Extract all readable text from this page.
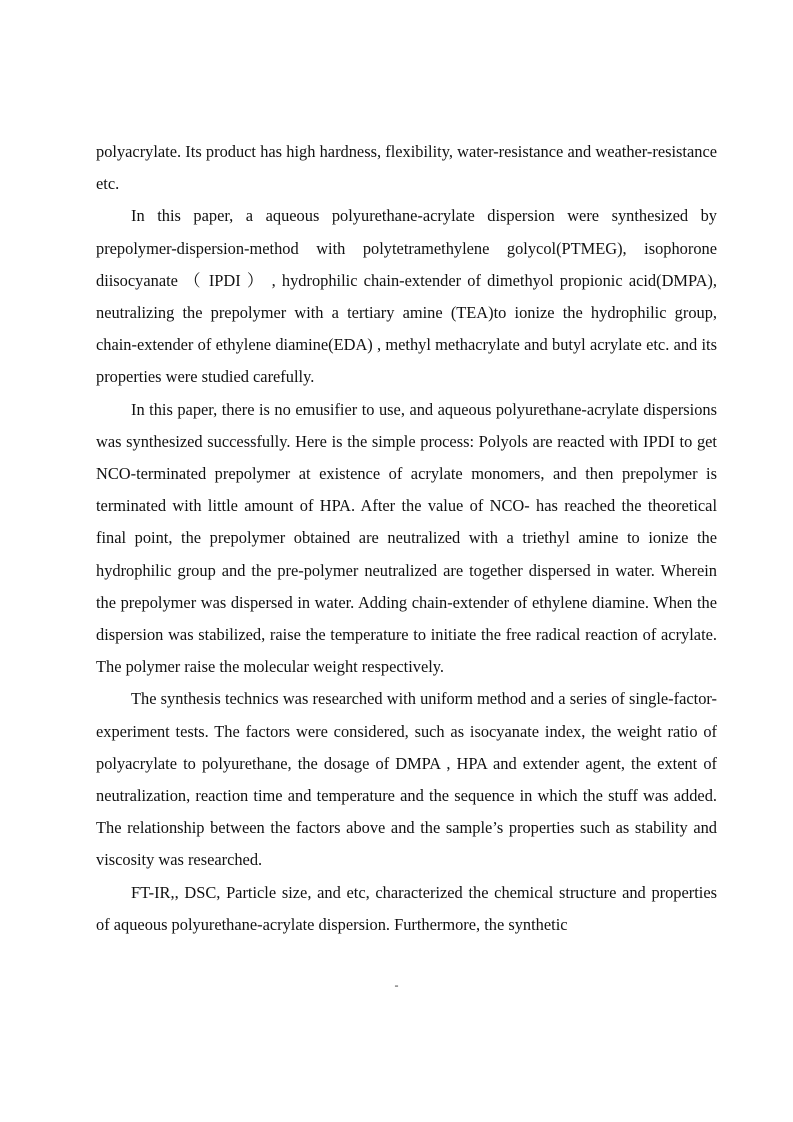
polyacrylate. Its product has high hardness, flexibility, water-resistance and weather-resistance etc.

In this paper, a aqueous polyurethane-acrylate dispersion were synthesized by prepolymer-dispersion-method with polytetramethylene golycol(PTMEG), isophorone diisocyanate （ IPDI ） , hydrophilic chain-extender of dimethyol propionic acid(DMPA), neutralizing the prepolymer with a tertiary amine (TEA)to ionize the hydrophilic group, chain-extender of ethylene diamine(EDA) , methyl methacrylate and butyl acrylate etc. and its properties were studied carefully.

In this paper, there is no emusifier to use, and aqueous polyurethane-acrylate dispersions was synthesized successfully. Here is the simple process: Polyols are reacted with IPDI to get NCO-terminated prepolymer at existence of acrylate monomers, and then prepolymer is terminated with little amount of HPA. After the value of NCO- has reached the theoretical final point, the prepolymer obtained are neutralized with a triethyl amine to ionize the hydrophilic group and the pre-polymer neutralized are together dispersed in water. Wherein the prepolymer was dispersed in water. Adding chain-extender of ethylene diamine. When the dispersion was stabilized, raise the temperature to initiate the free radical reaction of acrylate. The polymer raise the molecular weight respectively.

The synthesis technics was researched with uniform method and a series of single-factor-experiment tests. The factors were considered, such as isocyanate index, the weight ratio of polyacrylate to polyurethane, the dosage of DMPA , HPA and extender agent, the extent of neutralization, reaction time and temperature and the sequence in which the stuff was added. The relationship between the factors above and the sample’s properties such as stability and viscosity was researched.

FT-IR,, DSC, Particle size, and etc, characterized the chemical structure and properties of aqueous polyurethane-acrylate dispersion. Furthermore, the synthetic

-
